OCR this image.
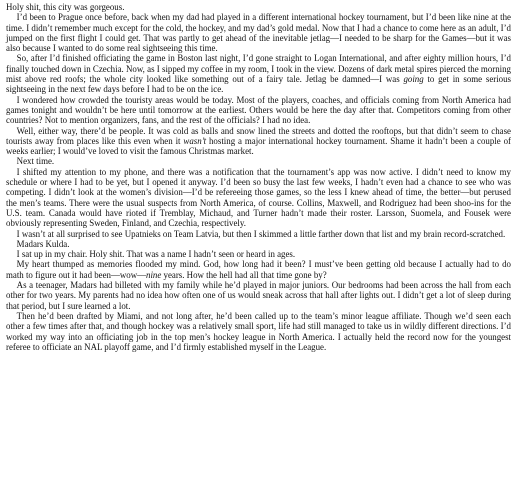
Holy shit, this city was gorgeous.

I’d been to Prague once before, back when my dad had played in a different international hockey tournament, but I’d been like nine at the time. I didn’t remember much except for the cold, the hockey, and my dad’s gold medal. Now that I had a chance to come here as an adult, I’d jumped on the first flight I could get. That was partly to get ahead of the inevitable jetlag—I needed to be sharp for the Games—but it was also because I wanted to do some real sightseeing this time.

So, after I’d finished officiating the game in Boston last night, I’d gone straight to Logan International, and after eighty million hours, I’d finally touched down in Czechia. Now, as I sipped my coffee in my room, I took in the view. Dozens of dark metal spires pierced the morning mist above red roofs; the whole city looked like something out of a fairy tale. Jetlag be damned—I was going to get in some serious sightseeing in the next few days before I had to be on the ice.

I wondered how crowded the touristy areas would be today. Most of the players, coaches, and officials coming from North America had games tonight and wouldn’t be here until tomorrow at the earliest. Others would be here the day after that. Competitors coming from other countries? Not to mention organizers, fans, and the rest of the officials? I had no idea.

Well, either way, there’d be people. It was cold as balls and snow lined the streets and dotted the rooftops, but that didn’t seem to chase tourists away from places like this even when it wasn’t hosting a major international hockey tournament. Shame it hadn’t been a couple of weeks earlier; I would’ve loved to visit the famous Christmas market.

Next time.

I shifted my attention to my phone, and there was a notification that the tournament’s app was now active. I didn’t need to know my schedule or where I had to be yet, but I opened it anyway. I’d been so busy the last few weeks, I hadn’t even had a chance to see who was competing. I didn’t look at the women’s division—I’d be refereeing those games, so the less I knew ahead of time, the better—but perused the men’s teams. There were the usual suspects from North America, of course. Collins, Maxwell, and Rodriguez had been shoo-ins for the U.S. team. Canada would have rioted if Tremblay, Michaud, and Turner hadn’t made their roster. Larsson, Suomela, and Fousek were obviously representing Sweden, Finland, and Czechia, respectively.

I wasn’t at all surprised to see Upatnieks on Team Latvia, but then I skimmed a little farther down that list and my brain record-scratched.

Madars Kulda.

I sat up in my chair. Holy shit. That was a name I hadn’t seen or heard in ages.

My heart thumped as memories flooded my mind. God, how long had it been? I must’ve been getting old because I actually had to do math to figure out it had been—wow—nine years. How the hell had all that time gone by?

As a teenager, Madars had billeted with my family while he’d played in major juniors. Our bedrooms had been across the hall from each other for two years. My parents had no idea how often one of us would sneak across that hall after lights out. I didn’t get a lot of sleep during that period, but I sure learned a lot.

Then he’d been drafted by Miami, and not long after, he’d been called up to the team’s minor league affiliate. Though we’d seen each other a few times after that, and though hockey was a relatively small sport, life had still managed to take us in wildly different directions. I’d worked my way into an officiating job in the top men’s hockey league in North America. I actually held the record now for the youngest referee to officiate an NAL playoff game, and I’d firmly established myself in the League.
